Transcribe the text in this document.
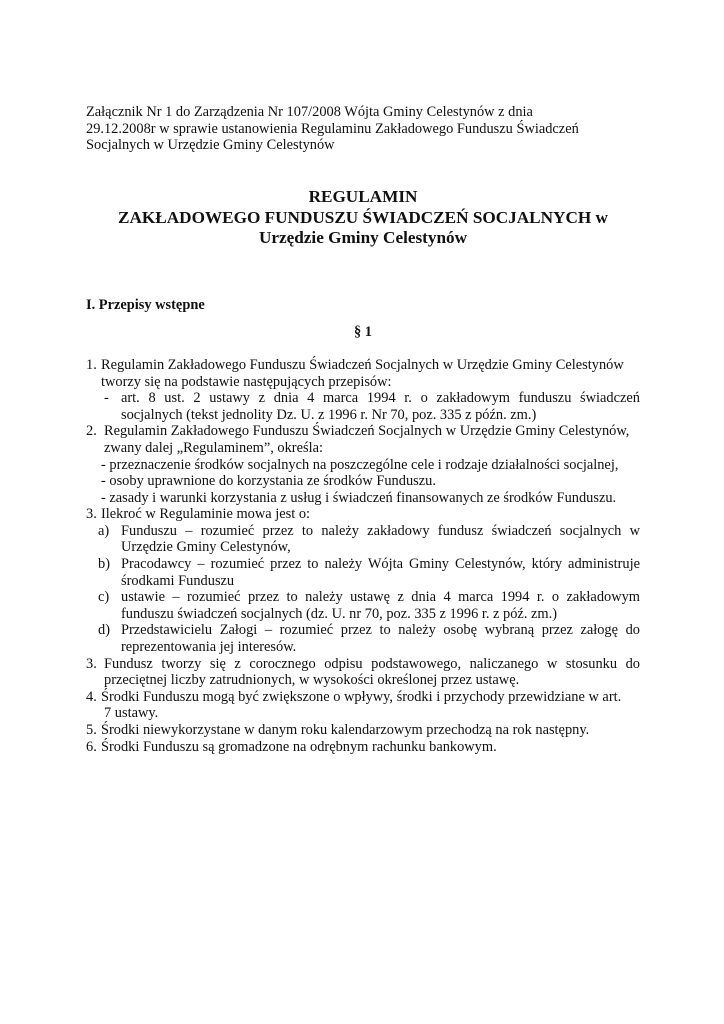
Załącznik Nr 1 do Zarządzenia Nr 107/2008 Wójta Gminy Celestynów z dnia
29.12.2008r w sprawie ustanowienia Regulaminu Zakładowego Funduszu Świadczeń
Socjalnych w Urzędzie Gminy Celestynów
REGULAMIN
ZAKŁADOWEGO FUNDUSZU ŚWIADCZEŃ SOCJALNYCH w
Urzędzie Gminy Celestynów
I. Przepisy wstępne
§ 1
1. Regulamin Zakładowego Funduszu Świadczeń Socjalnych w Urzędzie Gminy Celestynów
tworzy się na podstawie następujących przepisów:
- art. 8 ust. 2 ustawy z dnia 4 marca 1994 r. o zakładowym funduszu świadczeń
socjalnych (tekst jednolity Dz. U. z 1996 r. Nr 70, poz. 335 z późn. zm.)
2. Regulamin Zakładowego Funduszu Świadczeń Socjalnych w Urzędzie Gminy Celestynów,
zwany dalej „Regulaminem”, określa:
- przeznaczenie środków socjalnych na poszczególne cele i rodzaje działalności socjalnej,
- osoby uprawnione do korzystania ze środków Funduszu.
- zasady i warunki korzystania z usług i świadczeń finansowanych ze środków Funduszu.
3. Ilekroć w Regulaminie mowa jest o:
a) Funduszu – rozumieć przez to należy zakładowy fundusz świadczeń socjalnych w
Urzędzie Gminy Celestynów,
b) Pracodawcy – rozumieć przez to należy Wójta Gminy Celestynów, który administruje
środkami Funduszu
c) ustawie – rozumieć przez to należy ustawę z dnia 4 marca 1994 r. o zakładowym
funduszu świadczeń socjalnych (dz. U. nr 70, poz. 335 z 1996 r. z póź. zm.)
d) Przedstawicielu Załogi – rozumieć przez to należy osobę wybraną przez załogę do
reprezentowania jej interesów.
3. Fundusz tworzy się z corocznego odpisu podstawowego, naliczanego w stosunku do
przeciętnej liczby zatrudnionych, w wysokości określonej przez ustawę.
4. Środki Funduszu mogą być zwiększone o wpływy, środki i przychody przewidziane w art.
7 ustawy.
5. Środki niewykorzystane w danym roku kalendarzowym przechodzą na rok następny.
6. Środki Funduszu są gromadzone na odrębnym rachunku bankowym.
